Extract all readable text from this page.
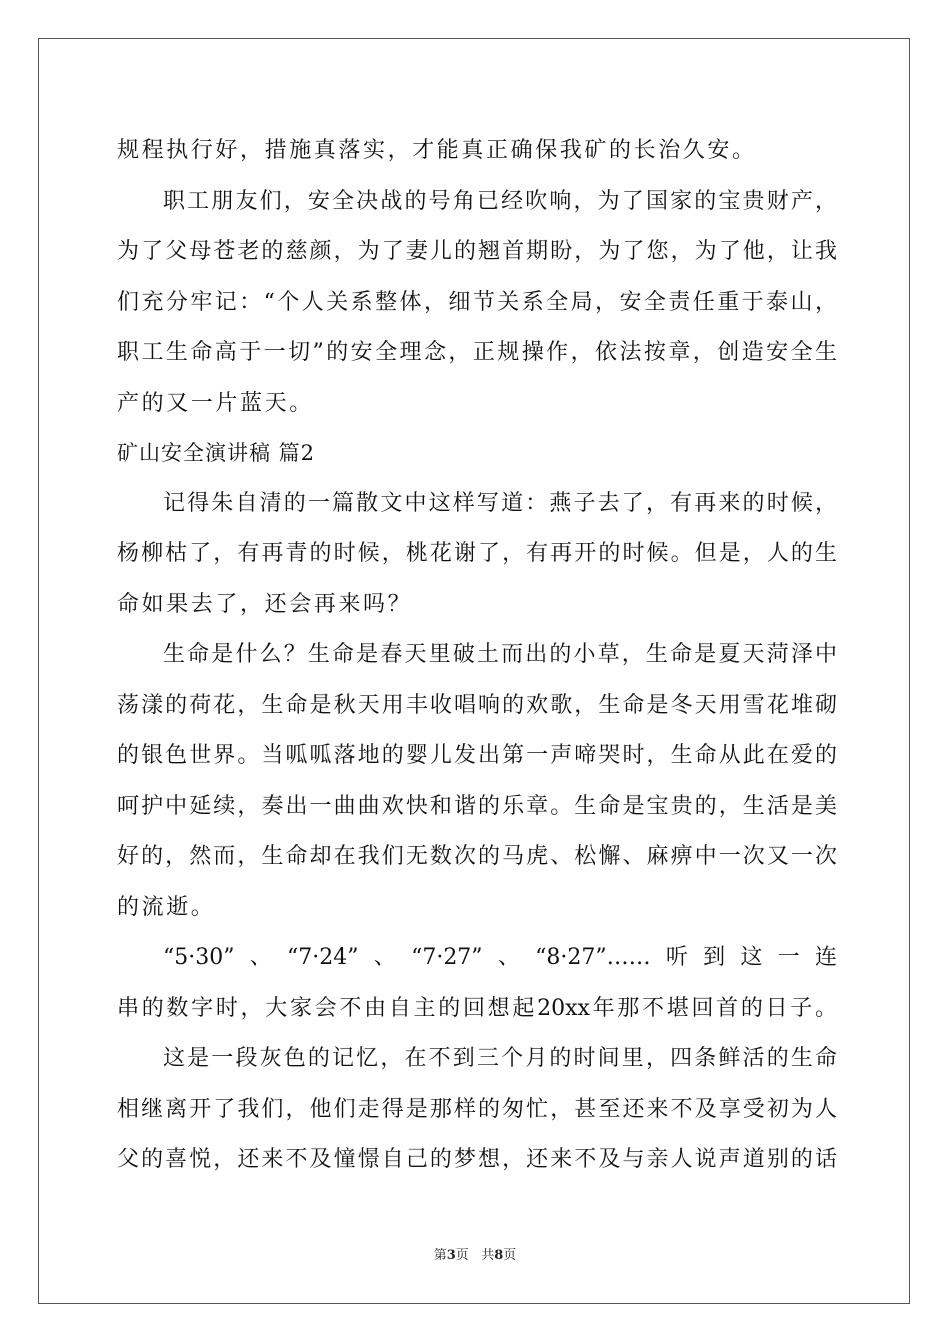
规程执行好，措施真落实，才能真正确保我矿的长治久安。

职工朋友们，安全决战的号角已经吹响，为了国家的宝贵财产，

为了父母苍老的慈颜，为了妻儿的翘首期盼，为了您，为了他，让我

们充分牢记：“个人关系整体，细节关系全局，安全责任重于泰山，

职工生命高于一切”的安全理念，正规操作，依法按章，创造安全生

产的又一片蓝天。

矿山安全演讲稿 篇2

记得朱自清的一篇散文中这样写道：燕子去了，有再来的时候，

杨柳枯了，有再青的时候，桃花谢了，有再开的时候。但是，人的生

命如果去了，还会再来吗？

生命是什么？生命是春天里破土而出的小草，生命是夏天菏泽中

荡漾的荷花，生命是秋天用丰收唱响的欢歌，生命是冬天用雪花堆砌

的银色世界。当呱呱落地的婴儿发出第一声啼哭时，生命从此在爱的

呵护中延续，奏出一曲曲欢快和谐的乐章。生命是宝贵的，生活是美

好的，然而，生命却在我们无数次的马虎、松懈、麻痹中一次又一次

的流逝。

“5·30”、“7·24”、“7·27”、“8·27”……听到这一连

串的数字时，大家会不由自主的回想起20xx年那不堪回首的日子。

这是一段灰色的记忆，在不到三个月的时间里，四条鲜活的生命

相继离开了我们，他们走得是那样的匆忙，甚至还来不及享受初为人

父的喜悦，还来不及憧憬自己的梦想，还来不及与亲人说声道别的话

第3页 共8页
